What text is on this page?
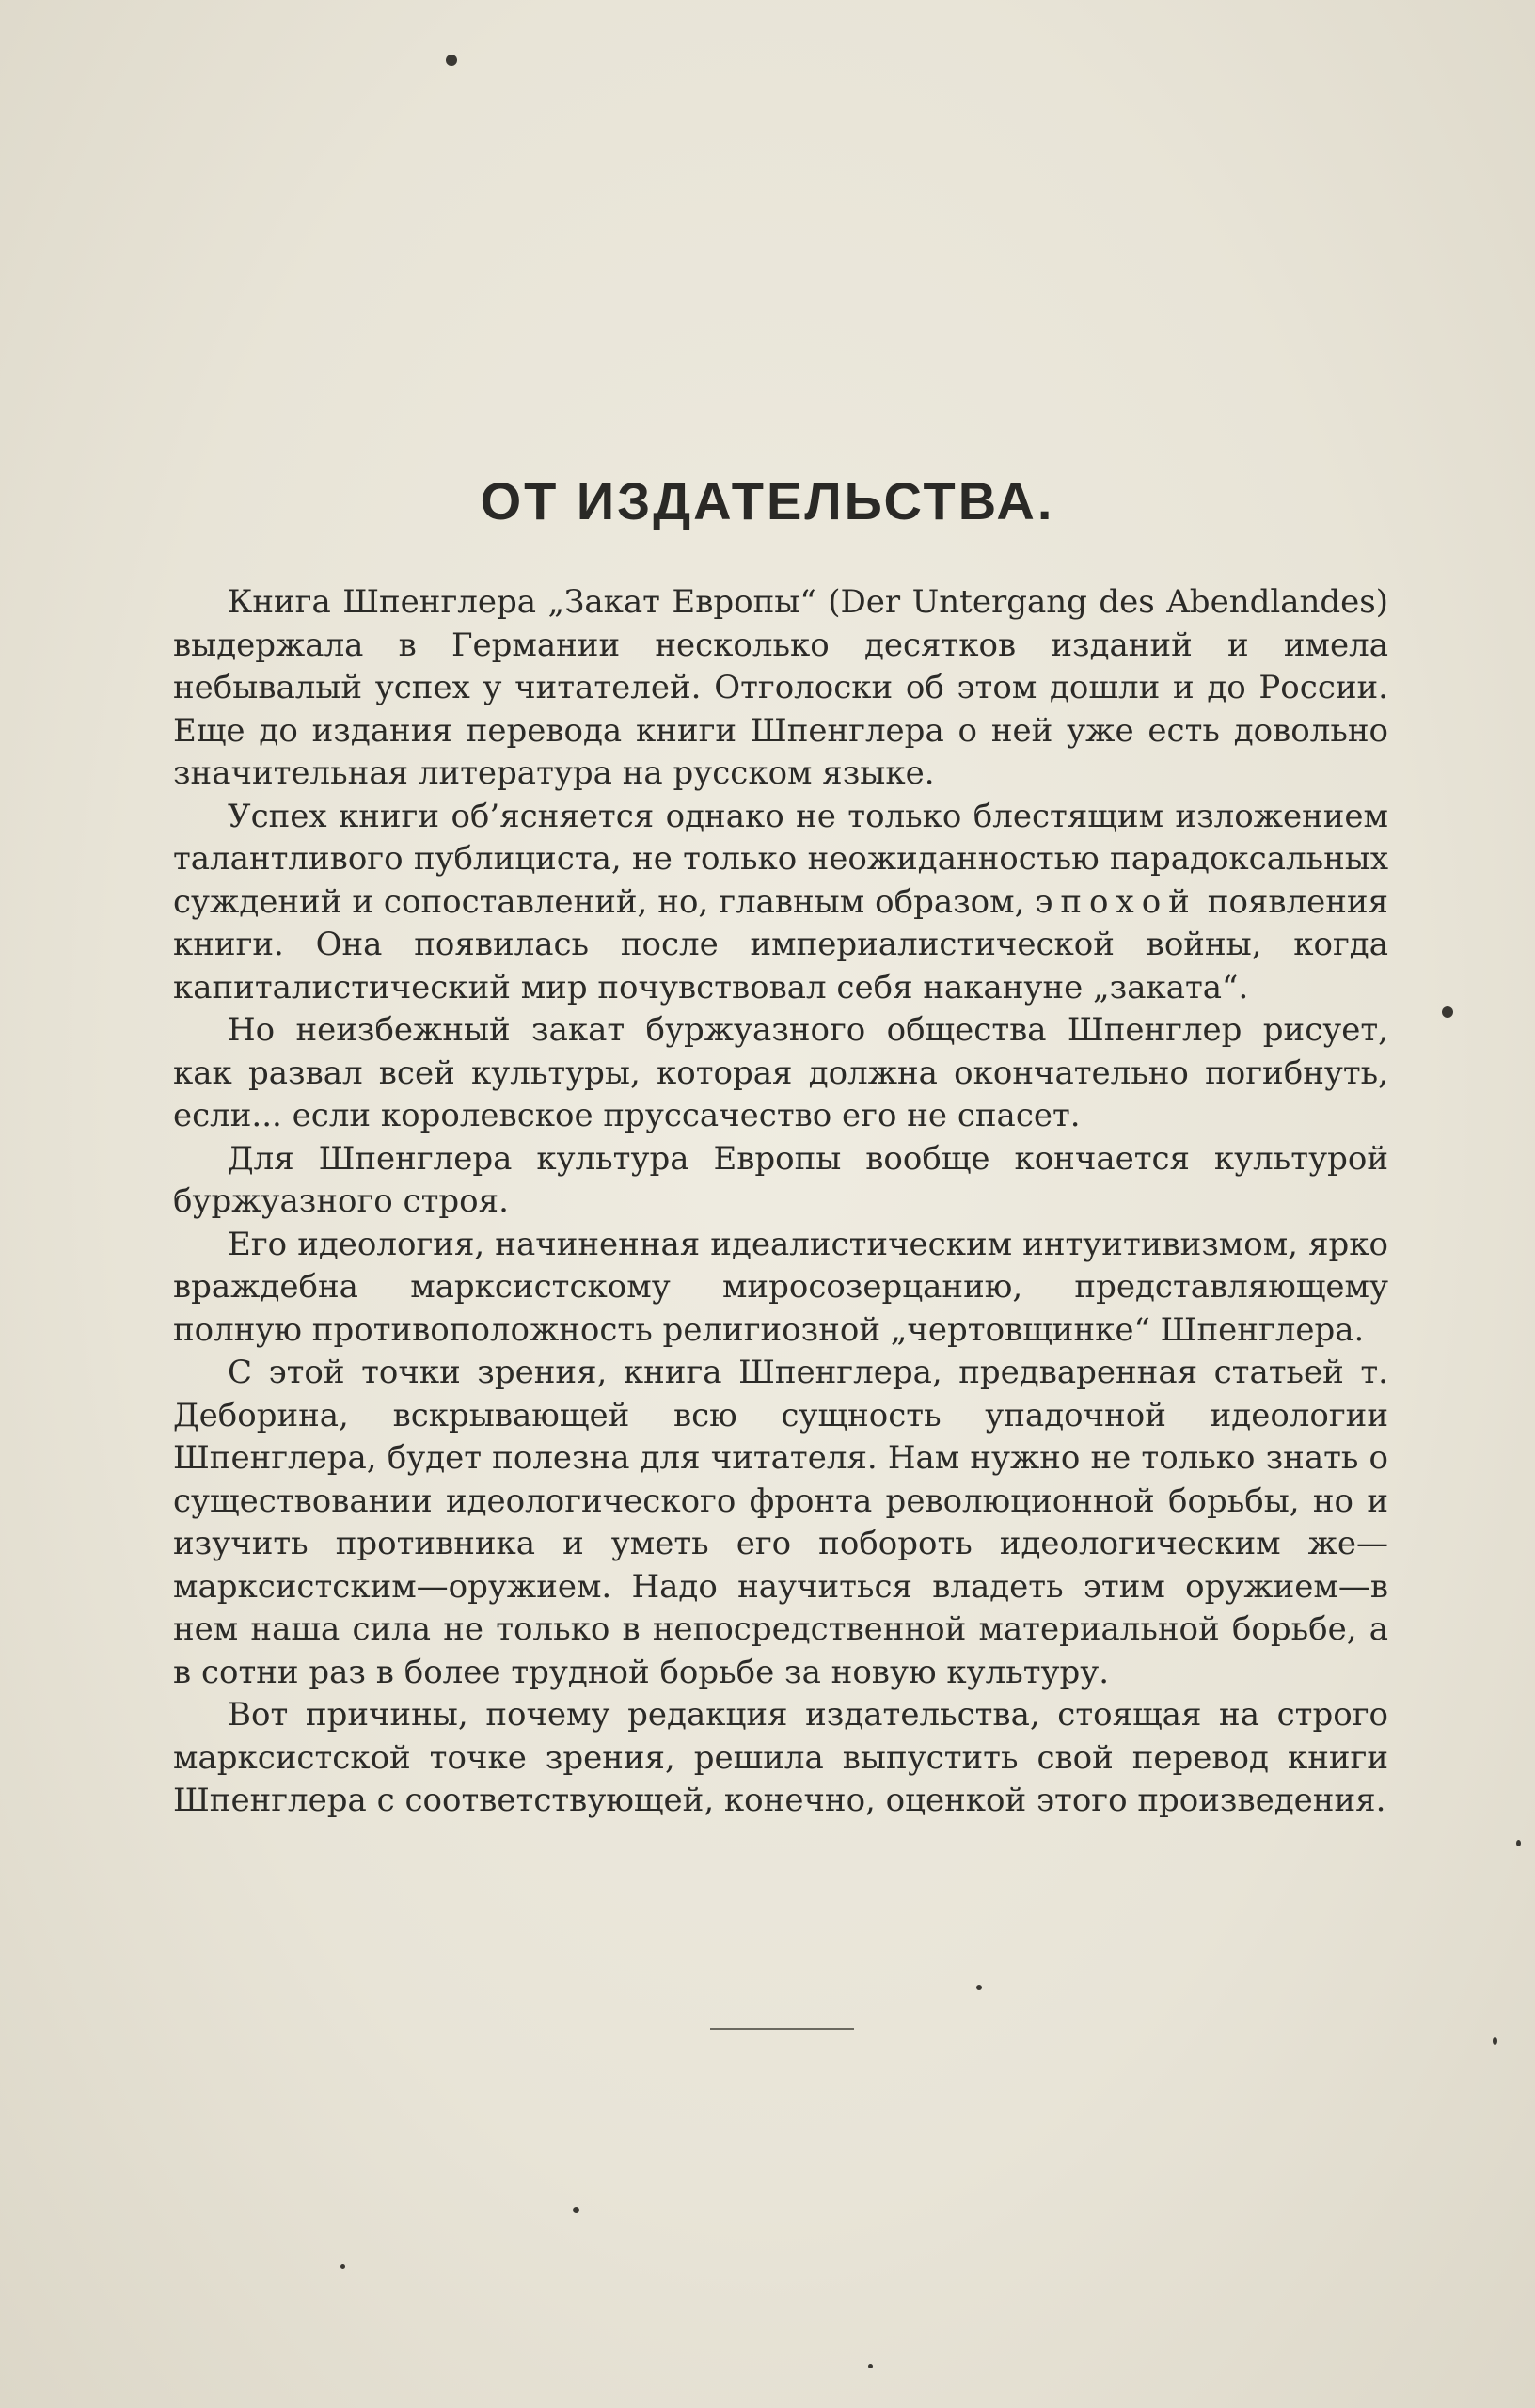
ОТ ИЗДАТЕЛЬСТВА.

Книга Шпенглера „Закат Европы“ (Der Untergang des Abendlandes) выдержала в Германии несколько десятков изданий и имела небывалый успех у читателей. Отголоски об этом дошли и до России. Еще до издания перевода книги Шпенглера о ней уже есть довольно значительная литература на русском языке.

Успех книги об’ясняется однако не только блестящим изложением талантливого публициста, не только неожиданностью парадоксальных суждений и сопоставлений, но, главным образом, эпохой появления книги. Она появилась после империалистической войны, когда капиталистический мир почувствовал себя накануне „заката“.

Но неизбежный закат буржуазного общества Шпенглер рисует, как развал всей культуры, которая должна окончательно погибнуть, если... если королевское пруссачество его не спасет.

Для Шпенглера культура Европы вообще кончается культурой буржуазного строя.

Его идеология, начиненная идеалистическим интуитивизмом, ярко враждебна марксистскому миросозерцанию, представляющему полную противоположность религиозной „чертовщинке“ Шпенглера.

С этой точки зрения, книга Шпенглера, предваренная статьей т. Деборина, вскрывающей всю сущность упадочной идеологии Шпенглера, будет полезна для читателя. Нам нужно не только знать о существовании идеологического фронта революционной борьбы, но и изучить противника и уметь его побороть идеологическим же—марксистским—оружием. Надо научиться владеть этим оружием—в нем наша сила не только в непосредственной материальной борьбе, а в сотни раз в более трудной борьбе за новую культуру.

Вот причины, почему редакция издательства, стоящая на строго марксистской точке зрения, решила выпустить свой перевод книги Шпенглера с соответствующей, конечно, оценкой этого произведения.
